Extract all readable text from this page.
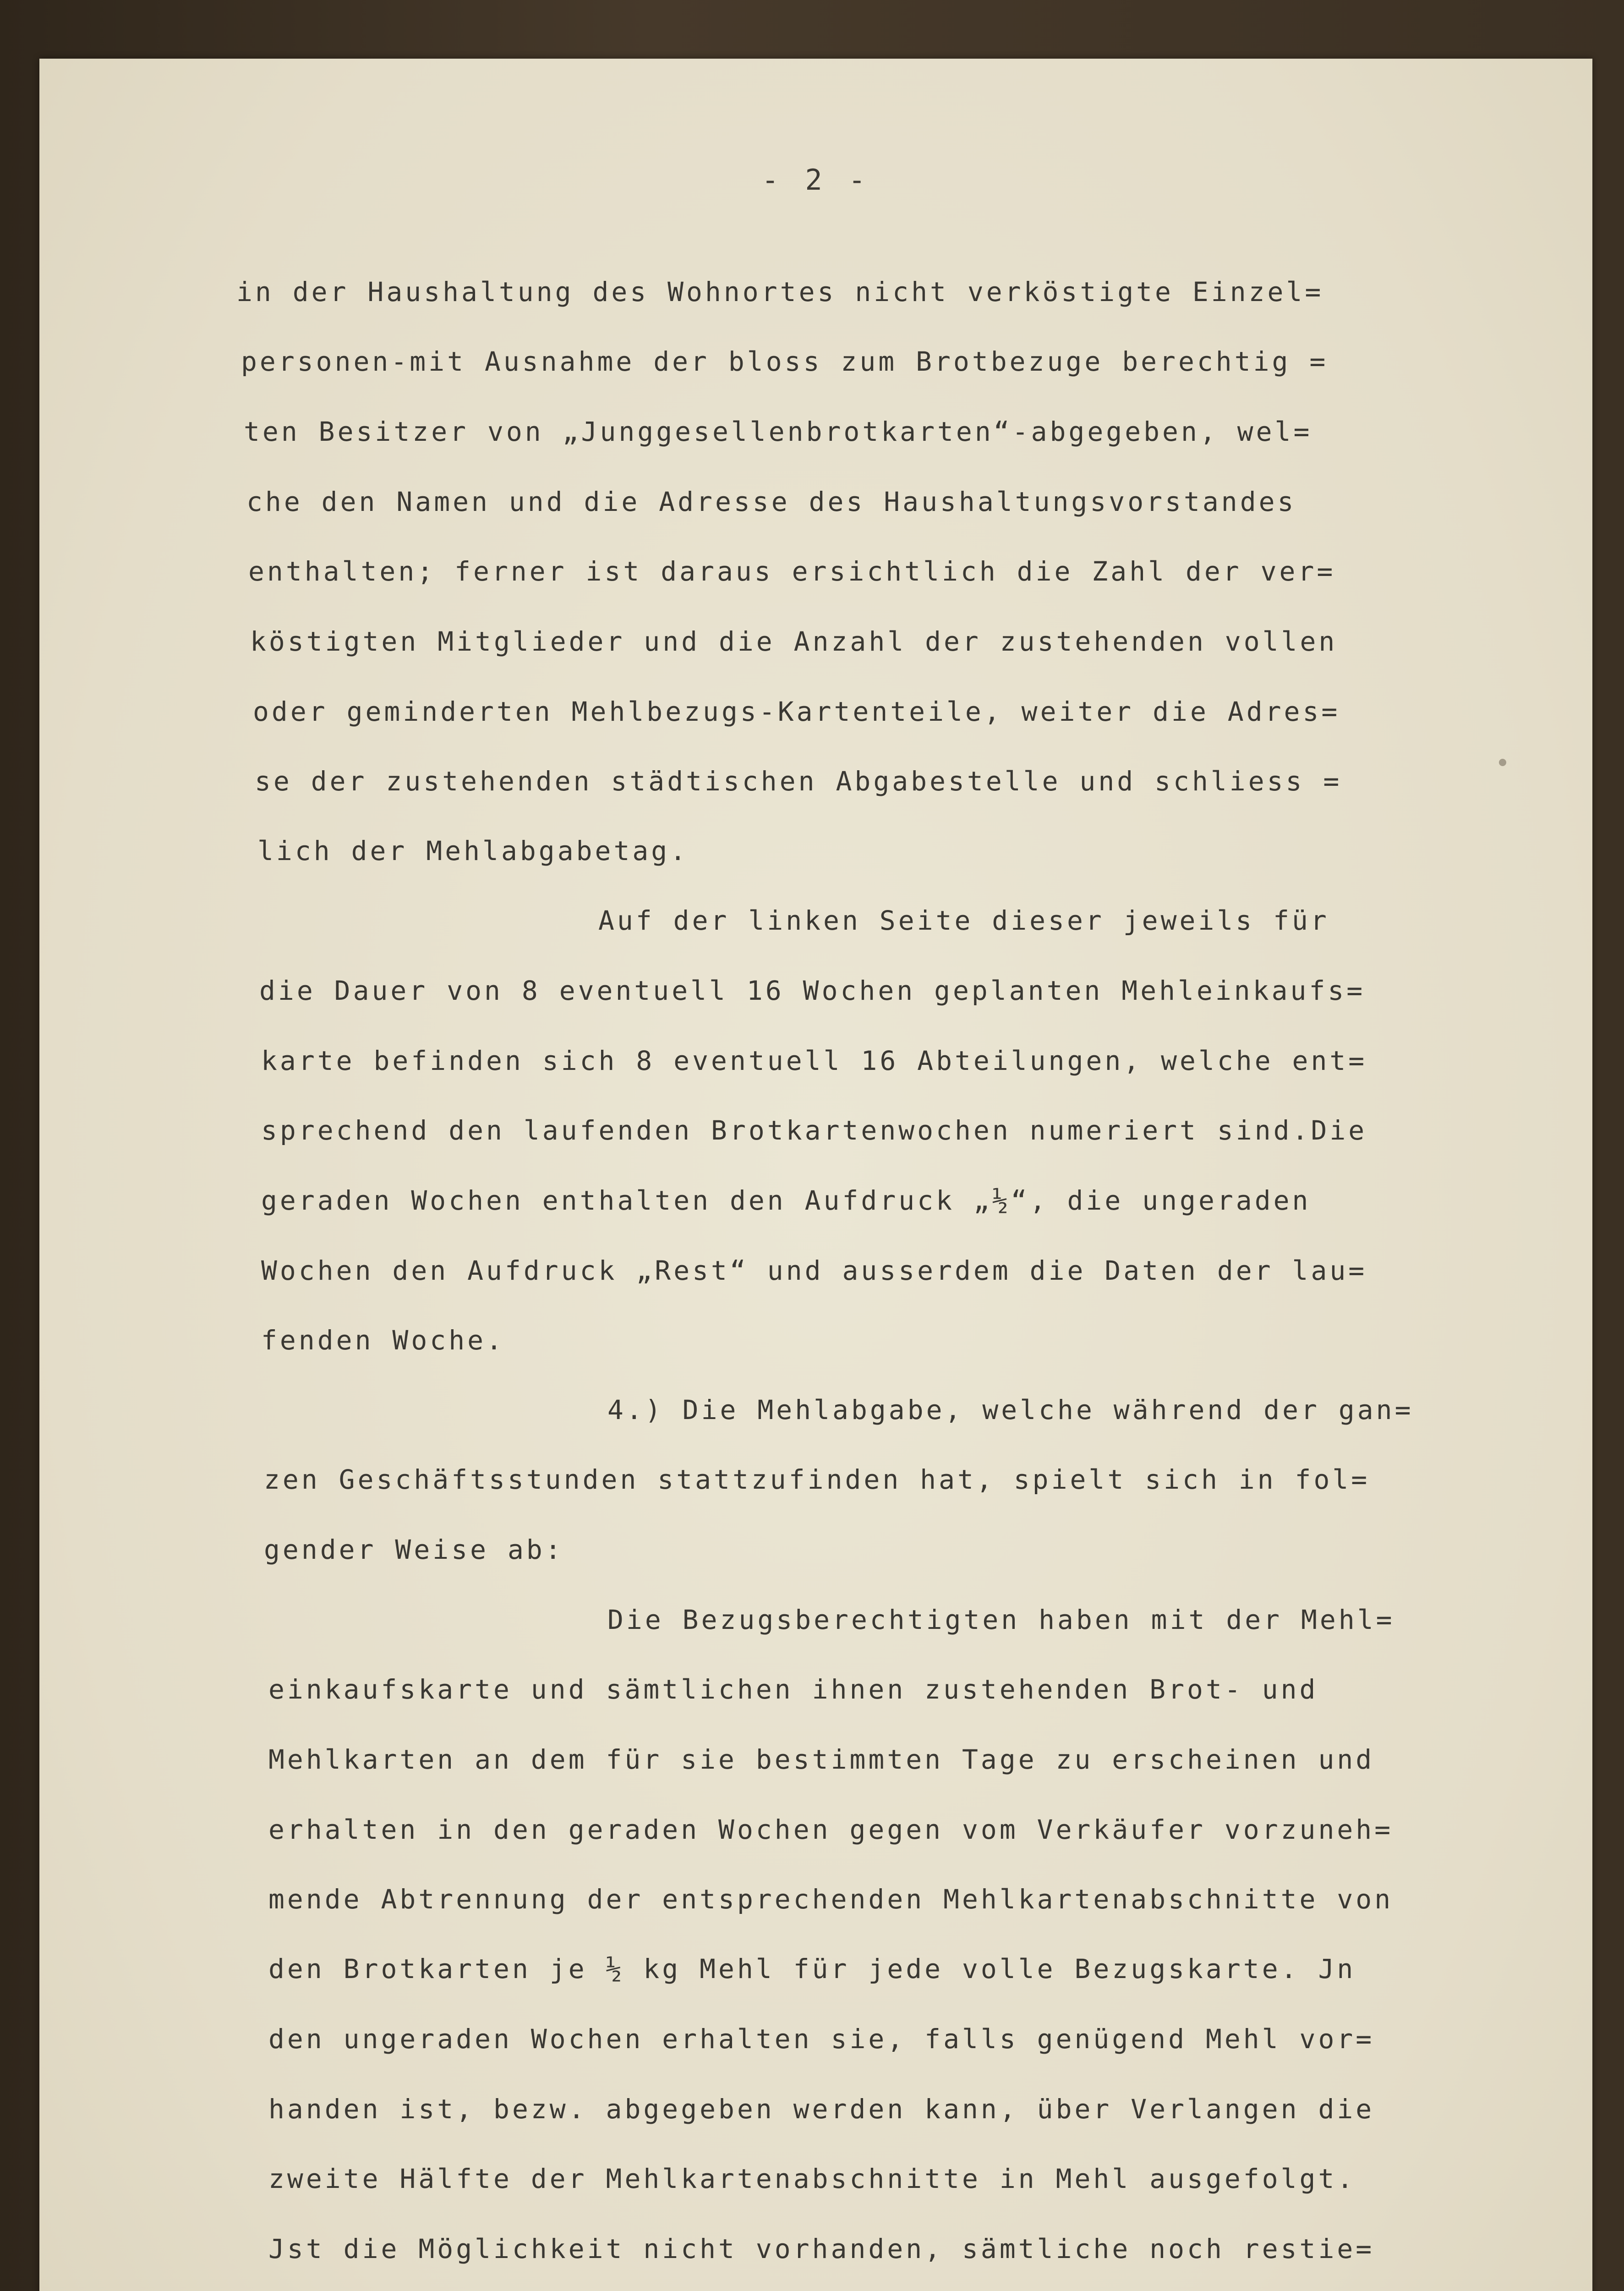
- 2 -
in der Haushaltung des Wohnortes nicht verköstigte Einzel=
personen-mit Ausnahme der bloss zum Brotbezuge berechtig =
ten Besitzer von „Junggesellenbrotkarten“-abgegeben, wel=
che den Namen und die Adresse des Haushaltungsvorstandes
enthalten; ferner ist daraus ersichtlich die Zahl der ver=
köstigten Mitglieder und die Anzahl der zustehenden vollen
oder geminderten Mehlbezugs-Kartenteile, weiter die Adres=
se der zustehenden städtischen Abgabestelle und schliess =
lich der Mehlabgabetag.
Auf der linken Seite dieser jeweils für
die Dauer von 8 eventuell 16 Wochen geplanten Mehleinkaufs=
karte befinden sich 8 eventuell 16 Abteilungen, welche ent=
sprechend den laufenden Brotkartenwochen numeriert sind.Die
geraden Wochen enthalten den Aufdruck „½“, die ungeraden
Wochen den Aufdruck „Rest“ und ausserdem die Daten der lau=
fenden Woche.
4.) Die Mehlabgabe, welche während der gan=
zen Geschäftsstunden stattzufinden hat, spielt sich in fol=
gender Weise ab:
Die Bezugsberechtigten haben mit der Mehl=
einkaufskarte und sämtlichen ihnen zustehenden Brot- und
Mehlkarten an dem für sie bestimmten Tage zu erscheinen und
erhalten in den geraden Wochen gegen vom Verkäufer vorzuneh=
mende Abtrennung der entsprechenden Mehlkartenabschnitte von
den Brotkarten je ½ kg Mehl für jede volle Bezugskarte. Jn
den ungeraden Wochen erhalten sie, falls genügend Mehl vor=
handen ist, bezw. abgegeben werden kann, über Verlangen die
zweite Hälfte der Mehlkartenabschnitte in Mehl ausgefolgt.
Jst die Möglichkeit nicht vorhanden, sämtliche noch restie=
